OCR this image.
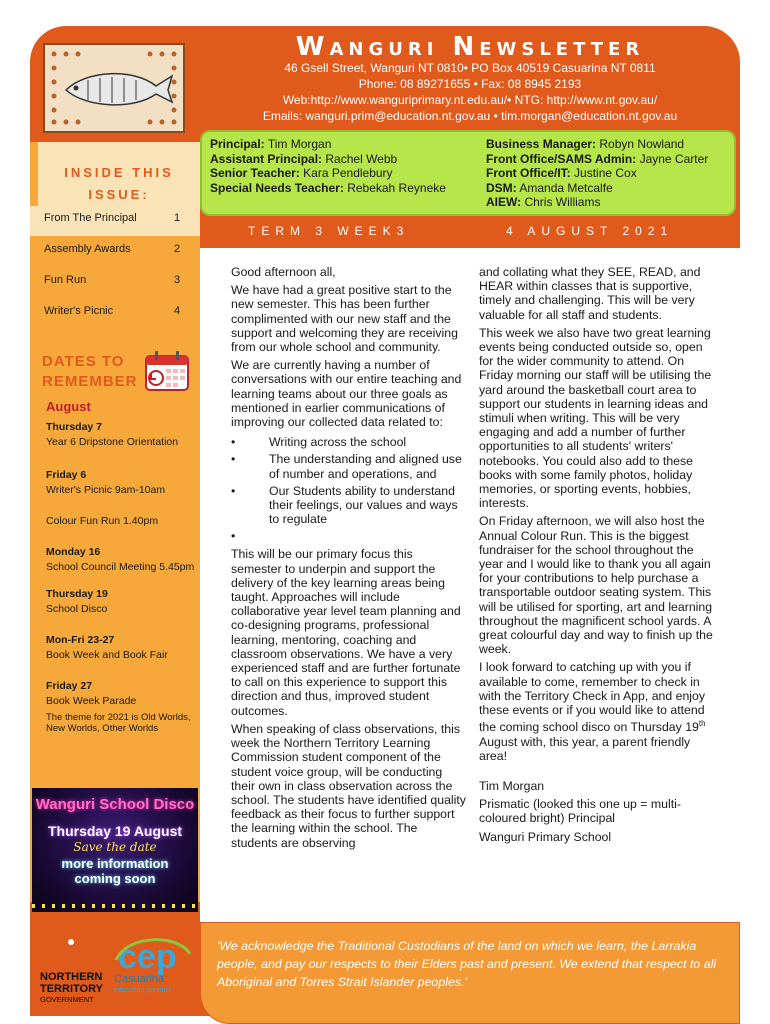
Wanguri Newsletter
46 Gsell Street, Wanguri NT 0810• PO Box 40519 Casuarina NT 0811
Phone: 08 89271655 • Fax: 08 8945 2193
Web:http://www.wanguriprimary.nt.edu.au/• NTG: http://www.nt.gov.au/
Emails: wanguri.prim@education.nt.gov.au • tim.morgan@education.nt.gov.au
Principal: Tim Morgan
Assistant Principal: Rachel Webb
Senior Teacher: Kara Pendlebury
Special Needs Teacher: Rebekah Reyneke
Business Manager: Robyn Nowland
Front Office/SAMS Admin: Jayne Carter
Front Office/IT: Justine Cox
DSM: Amanda Metcalfe
AIEW: Chris Williams
TERM 3 WEEK3	4 AUGUST 2021
INSIDE THIS ISSUE:
From The Principal	1
Assembly Awards	2
Fun Run	3
Writer's Picnic	4
DATES TO
REMEMBER
August
Thursday 7
Year 6 Dripstone Orientation
Friday 6
Writer's Picnic 9am-10am
Colour Fun Run 1.40pm
Monday 16
School Council Meeting 5.45pm
Thursday 19
School Disco
Mon-Fri 23-27
Book Week and Book Fair
Friday 27
Book Week Parade
The theme for 2021 is Old Worlds, New Worlds, Other Worlds
Wanguri School Disco
Thursday 19 August
Save the date
more information
coming soon
NORTHERN
TERRITORY
GOVERNMENT
cep
Casuarina
education precinct

Good afternoon all,

We have had a great positive start to the new semester. This has been further complimented with our new staff and the support and welcoming they are receiving from our whole school and community.

We are currently having a number of conversations with our entire teaching and learning teams about our three goals as mentioned in earlier communications of improving our collected data related to:

• Writing across the school
• The understanding and aligned use of number and operations, and
• Our Students ability to understand their feelings, our values and ways to regulate
•

This will be our primary focus this semester to underpin and support the delivery of the key learning areas being taught. Approaches will include collaborative year level team planning and co-designing programs, professional learning, mentoring, coaching and classroom observations. We have a very experienced staff and are further fortunate to call on this experience to support this direction and thus, improved student outcomes.

When speaking of class observations, this week the Northern Territory Learning Commission student component of the student voice group, will be conducting their own in class observation across the school. The students have identified quality feedback as their focus to further support the learning within the school. The students are observing

and collating what they SEE, READ, and HEAR within classes that is supportive, timely and challenging. This will be very valuable for all staff and students.

This week we also have two great learning events being conducted outside so, open for the wider community to attend. On Friday morning our staff will be utilising the yard around the basketball court area to support our students in learning ideas and stimuli when writing. This will be very engaging and add a number of further opportunities to all students' writers' notebooks. You could also add to these books with some family photos, holiday memories, or sporting events, hobbies, interests.

On Friday afternoon, we will also host the Annual Colour Run. This is the biggest fundraiser for the school throughout the year and I would like to thank you all again for your contributions to help purchase a transportable outdoor seating system. This will be utilised for sporting, art and learning throughout the magnificent school yards. A great colourful day and way to finish up the week.

I look forward to catching up with you if available to come, remember to check in with the Territory Check in App, and enjoy these events or if you would like to attend the coming school disco on Thursday 19th August with, this year, a parent friendly area!

Tim Morgan

Prismatic (looked this one up = multi-coloured bright) Principal

Wanguri Primary School

'We acknowledge the Traditional Custodians of the land on which we learn, the Larrakia people, and pay our respects to their Elders past and present. We extend that respect to all Aboriginal and Torres Strait Islander peoples.'
